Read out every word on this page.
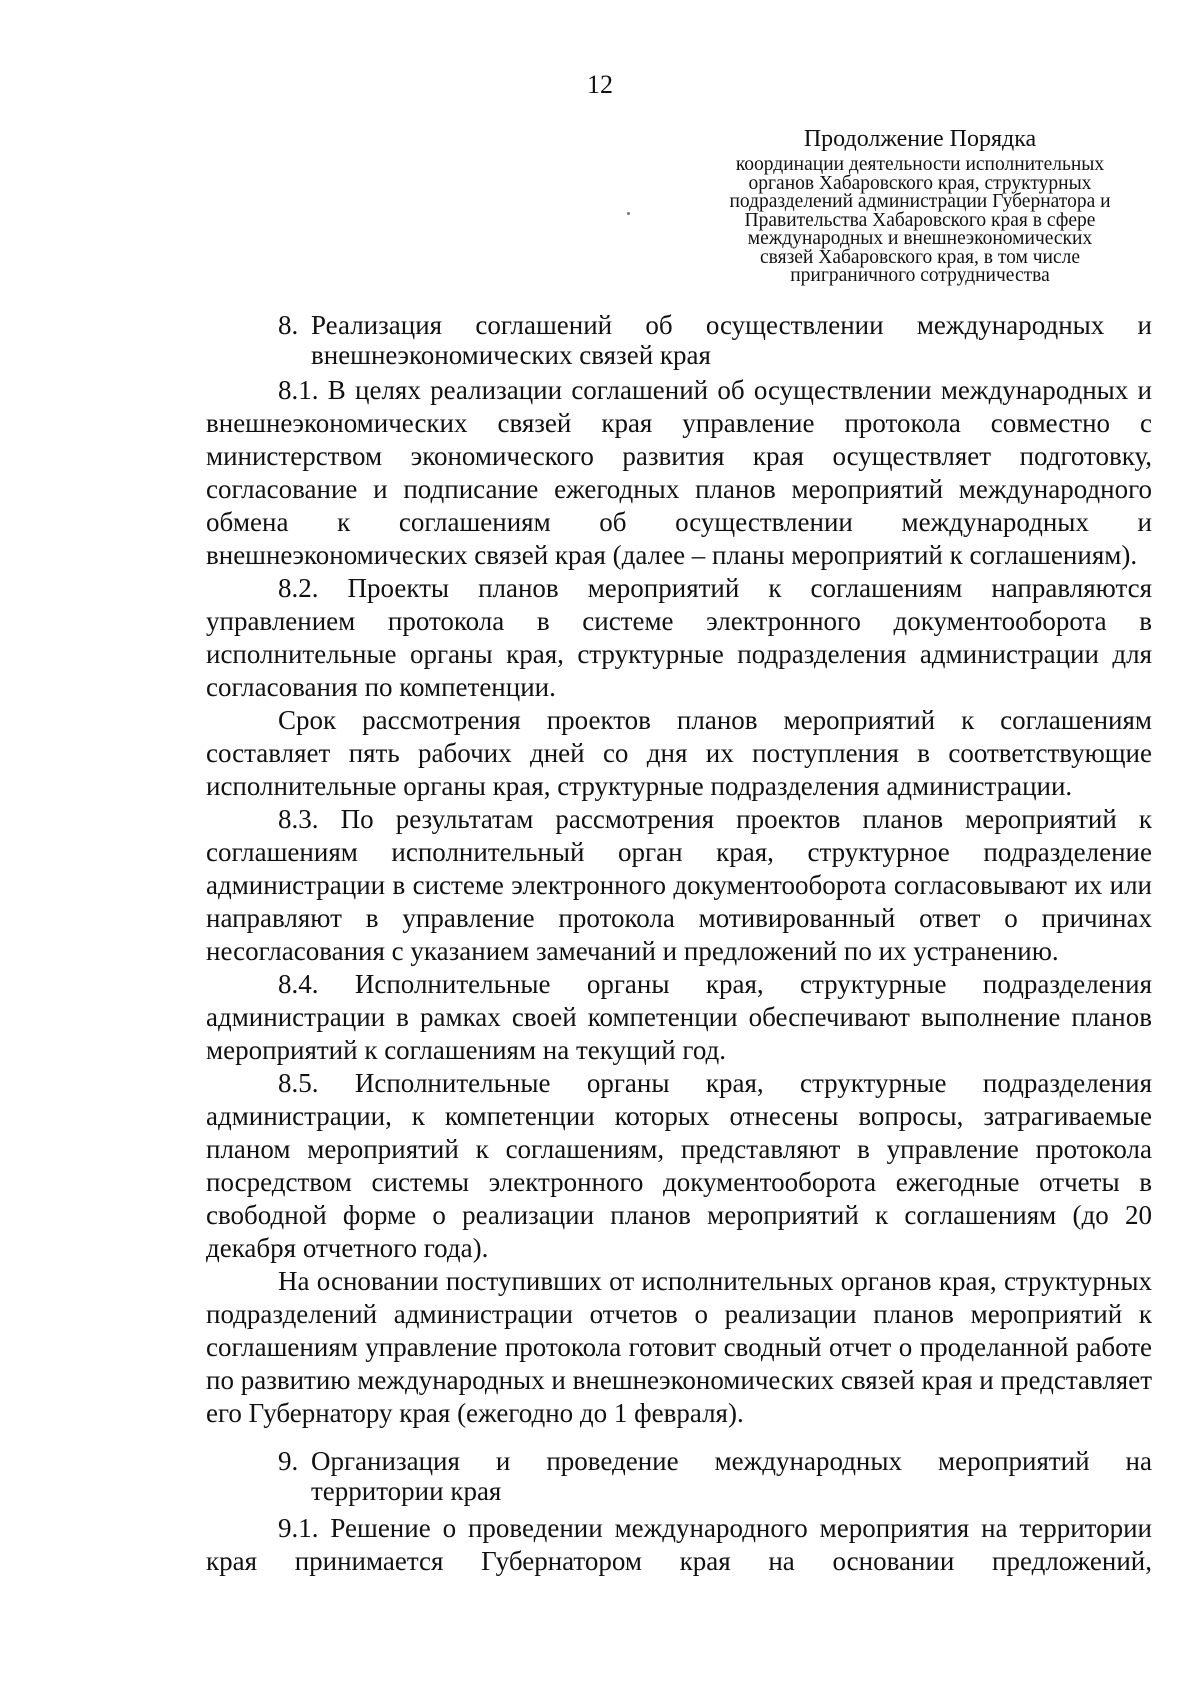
12
Продолжение Порядка
координации деятельности исполнительных
органов Хабаровского края, структурных
подразделений администрации Губернатора и
Правительства Хабаровского края в сфере
международных и внешнеэкономических
связей Хабаровского края, в том числе
приграничного сотрудничества
8. Реализация соглашений об осуществлении международных и
внешнеэкономических связей края

8.1. В целях реализации соглашений об осуществлении международных и внешнеэкономических связей края управление протокола совместно с министерством экономического развития края осуществляет подготовку, согласование и подписание ежегодных планов мероприятий международного обмена к соглашениям об осуществлении международных и внешнеэкономических связей края (далее – планы мероприятий к соглашениям).

8.2. Проекты планов мероприятий к соглашениям направляются управлением протокола в системе электронного документооборота в исполнительные органы края, структурные подразделения администрации для согласования по компетенции.

Срок рассмотрения проектов планов мероприятий к соглашениям составляет пять рабочих дней со дня их поступления в соответствующие исполнительные органы края, структурные подразделения администрации.

8.3. По результатам рассмотрения проектов планов мероприятий к соглашениям исполнительный орган края, структурное подразделение администрации в системе электронного документооборота согласовывают их или направляют в управление протокола мотивированный ответ о причинах несогласования с указанием замечаний и предложений по их устранению.

8.4. Исполнительные органы края, структурные подразделения администрации в рамках своей компетенции обеспечивают выполнение планов мероприятий к соглашениям на текущий год.

8.5. Исполнительные органы края, структурные подразделения администрации, к компетенции которых отнесены вопросы, затрагиваемые планом мероприятий к соглашениям, представляют в управление протокола посредством системы электронного документооборота ежегодные отчеты в свободной форме о реализации планов мероприятий к соглашениям (до 20 декабря отчетного года).

На основании поступивших от исполнительных органов края, структурных подразделений администрации отчетов о реализации планов мероприятий к соглашениям управление протокола готовит сводный отчет о проделанной работе по развитию международных и внешнеэкономических связей края и представляет его Губернатору края (ежегодно до 1 февраля).

9. Организация и проведение международных мероприятий на
территории края

9.1. Решение о проведении международного мероприятия на территории края принимается Губернатором края на основании предложений,
